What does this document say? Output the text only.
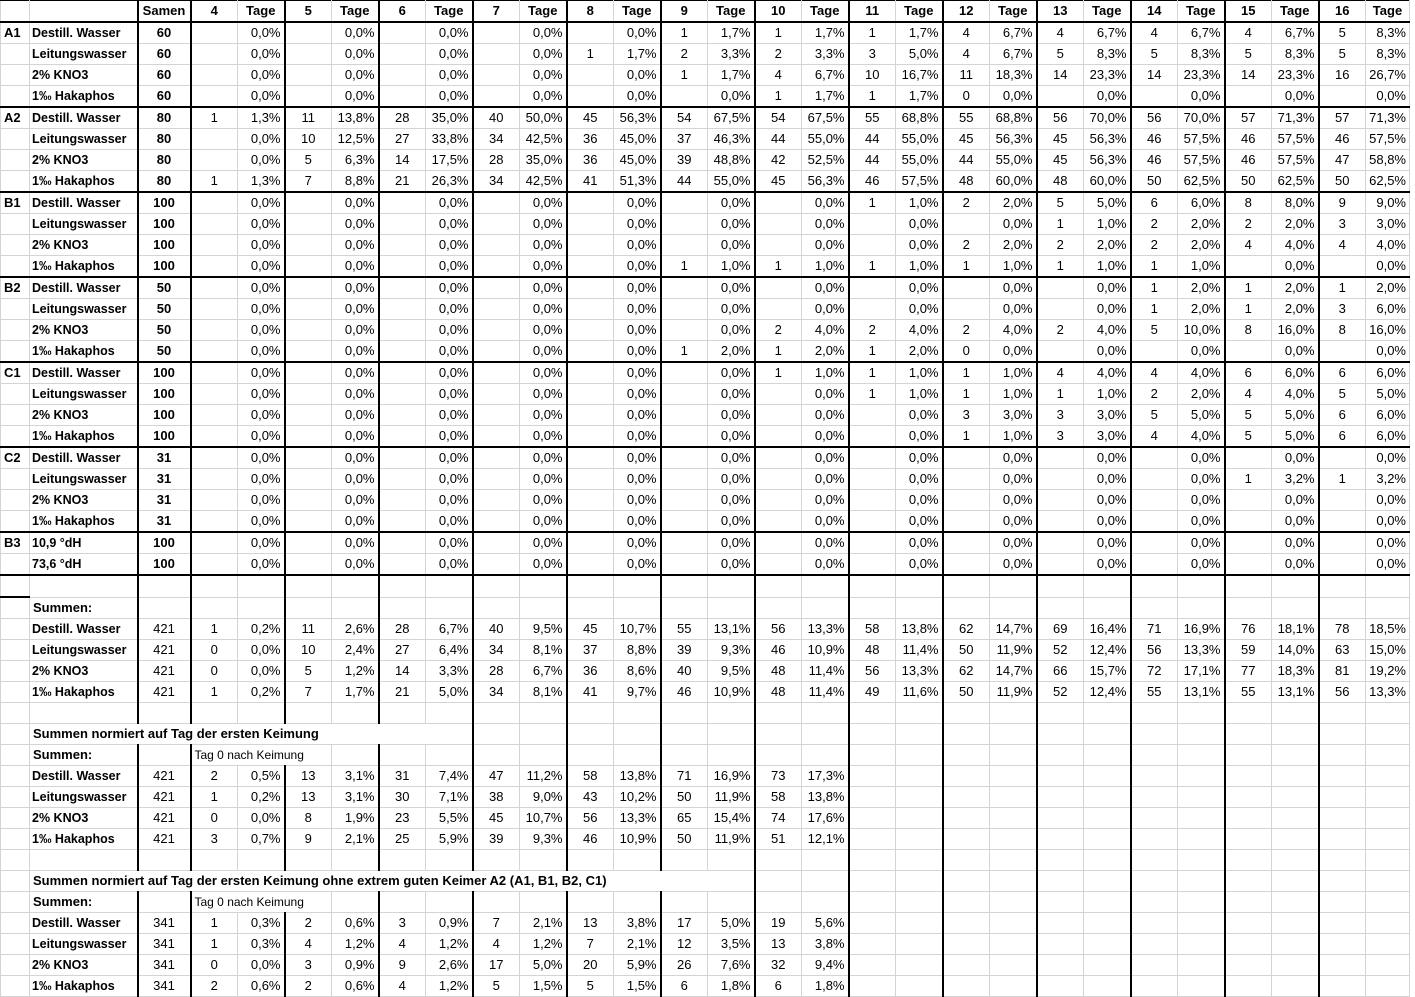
		Samen	4	Tage	5	Tage	6	Tage	7	Tage	8	Tage	9	Tage	10	Tage	11	Tage	12	Tage	13	Tage	14	Tage	15	Tage	16	Tage
A1	Destill. Wasser	60		0,0%		0,0%		0,0%		0,0%		0,0%	1	1,7%	1	1,7%	1	1,7%	4	6,7%	4	6,7%	4	6,7%	4	6,7%	5	8,3%
	Leitungswasser	60		0,0%		0,0%		0,0%		0,0%	1	1,7%	2	3,3%	2	3,3%	3	5,0%	4	6,7%	5	8,3%	5	8,3%	5	8,3%	5	8,3%
	2% KNO3	60		0,0%		0,0%		0,0%		0,0%		0,0%	1	1,7%	4	6,7%	10	16,7%	11	18,3%	14	23,3%	14	23,3%	14	23,3%	16	26,7%
	1‰ Hakaphos	60		0,0%		0,0%		0,0%		0,0%		0,0%		0,0%	1	1,7%	1	1,7%	0	0,0%		0,0%		0,0%		0,0%		0,0%
A2	Destill. Wasser	80	1	1,3%	11	13,8%	28	35,0%	40	50,0%	45	56,3%	54	67,5%	54	67,5%	55	68,8%	55	68,8%	56	70,0%	56	70,0%	57	71,3%	57	71,3%
	Leitungswasser	80		0,0%	10	12,5%	27	33,8%	34	42,5%	36	45,0%	37	46,3%	44	55,0%	44	55,0%	45	56,3%	45	56,3%	46	57,5%	46	57,5%	46	57,5%
	2% KNO3	80		0,0%	5	6,3%	14	17,5%	28	35,0%	36	45,0%	39	48,8%	42	52,5%	44	55,0%	44	55,0%	45	56,3%	46	57,5%	46	57,5%	47	58,8%
	1‰ Hakaphos	80	1	1,3%	7	8,8%	21	26,3%	34	42,5%	41	51,3%	44	55,0%	45	56,3%	46	57,5%	48	60,0%	48	60,0%	50	62,5%	50	62,5%	50	62,5%
B1	Destill. Wasser	100		0,0%		0,0%		0,0%		0,0%		0,0%		0,0%		0,0%	1	1,0%	2	2,0%	5	5,0%	6	6,0%	8	8,0%	9	9,0%
	Leitungswasser	100		0,0%		0,0%		0,0%		0,0%		0,0%		0,0%		0,0%		0,0%		0,0%	1	1,0%	2	2,0%	2	2,0%	3	3,0%
	2% KNO3	100		0,0%		0,0%		0,0%		0,0%		0,0%		0,0%		0,0%		0,0%	2	2,0%	2	2,0%	2	2,0%	4	4,0%	4	4,0%
	1‰ Hakaphos	100		0,0%		0,0%		0,0%		0,0%		0,0%	1	1,0%	1	1,0%	1	1,0%	1	1,0%	1	1,0%	1	1,0%		0,0%		0,0%
B2	Destill. Wasser	50		0,0%		0,0%		0,0%		0,0%		0,0%		0,0%		0,0%		0,0%		0,0%		0,0%	1	2,0%	1	2,0%	1	2,0%
	Leitungswasser	50		0,0%		0,0%		0,0%		0,0%		0,0%		0,0%		0,0%		0,0%		0,0%		0,0%	1	2,0%	1	2,0%	3	6,0%
	2% KNO3	50		0,0%		0,0%		0,0%		0,0%		0,0%		0,0%	2	4,0%	2	4,0%	2	4,0%	2	4,0%	5	10,0%	8	16,0%	8	16,0%
	1‰ Hakaphos	50		0,0%		0,0%		0,0%		0,0%		0,0%	1	2,0%	1	2,0%	1	2,0%	0	0,0%		0,0%		0,0%		0,0%		0,0%
C1	Destill. Wasser	100		0,0%		0,0%		0,0%		0,0%		0,0%		0,0%	1	1,0%	1	1,0%	1	1,0%	4	4,0%	4	4,0%	6	6,0%	6	6,0%
	Leitungswasser	100		0,0%		0,0%		0,0%		0,0%		0,0%		0,0%		0,0%	1	1,0%	1	1,0%	1	1,0%	2	2,0%	4	4,0%	5	5,0%
	2% KNO3	100		0,0%		0,0%		0,0%		0,0%		0,0%		0,0%		0,0%		0,0%	3	3,0%	3	3,0%	5	5,0%	5	5,0%	6	6,0%
	1‰ Hakaphos	100		0,0%		0,0%		0,0%		0,0%		0,0%		0,0%		0,0%		0,0%	1	1,0%	3	3,0%	4	4,0%	5	5,0%	6	6,0%
C2	Destill. Wasser	31		0,0%		0,0%		0,0%		0,0%		0,0%		0,0%		0,0%		0,0%		0,0%		0,0%		0,0%		0,0%		0,0%
	Leitungswasser	31		0,0%		0,0%		0,0%		0,0%		0,0%		0,0%		0,0%		0,0%		0,0%		0,0%		0,0%	1	3,2%	1	3,2%
	2% KNO3	31		0,0%		0,0%		0,0%		0,0%		0,0%		0,0%		0,0%		0,0%		0,0%		0,0%		0,0%		0,0%		0,0%
	1‰ Hakaphos	31		0,0%		0,0%		0,0%		0,0%		0,0%		0,0%		0,0%		0,0%		0,0%		0,0%		0,0%		0,0%		0,0%
B3	10,9 °dH	100		0,0%		0,0%		0,0%		0,0%		0,0%		0,0%		0,0%		0,0%		0,0%		0,0%		0,0%		0,0%		0,0%
	73,6 °dH	100		0,0%		0,0%		0,0%		0,0%		0,0%		0,0%		0,0%		0,0%		0,0%		0,0%		0,0%		0,0%		0,0%

	Summen:																											
	Destill. Wasser	421	1	0,2%	11	2,6%	28	6,7%	40	9,5%	45	10,7%	55	13,1%	56	13,3%	58	13,8%	62	14,7%	69	16,4%	71	16,9%	76	18,1%	78	18,5%
	Leitungswasser	421	0	0,0%	10	2,4%	27	6,4%	34	8,1%	37	8,8%	39	9,3%	46	10,9%	48	11,4%	50	11,9%	52	12,4%	56	13,3%	59	14,0%	63	15,0%
	2% KNO3	421	0	0,0%	5	1,2%	14	3,3%	28	6,7%	36	8,6%	40	9,5%	48	11,4%	56	13,3%	62	14,7%	66	15,7%	72	17,1%	77	18,3%	81	19,2%
	1‰ Hakaphos	421	1	0,2%	7	1,7%	21	5,0%	34	8,1%	41	9,7%	46	10,9%	48	11,4%	49	11,6%	50	11,9%	52	12,4%	55	13,1%	55	13,1%	56	13,3%

	Summen normiert auf Tag der ersten Keimung																											
	Summen:		Tag 0 nach Keimung																									
	Destill. Wasser	421	2	0,5%	13	3,1%	31	7,4%	47	11,2%	58	13,8%	71	16,9%	73	17,3%												
	Leitungswasser	421	1	0,2%	13	3,1%	30	7,1%	38	9,0%	43	10,2%	50	11,9%	58	13,8%												
	2% KNO3	421	0	0,0%	8	1,9%	23	5,5%	45	10,7%	56	13,3%	65	15,4%	74	17,6%												
	1‰ Hakaphos	421	3	0,7%	9	2,1%	25	5,9%	39	9,3%	46	10,9%	50	11,9%	51	12,1%												

	Summen normiert auf Tag der ersten Keimung ohne extrem guten Keimer A2 (A1, B1, B2, C1)																											
	Summen:		Tag 0 nach Keimung																									
	Destill. Wasser	341	1	0,3%	2	0,6%	3	0,9%	7	2,1%	13	3,8%	17	5,0%	19	5,6%												
	Leitungswasser	341	1	0,3%	4	1,2%	4	1,2%	4	1,2%	7	2,1%	12	3,5%	13	3,8%												
	2% KNO3	341	0	0,0%	3	0,9%	9	2,6%	17	5,0%	20	5,9%	26	7,6%	32	9,4%												
	1‰ Hakaphos	341	2	0,6%	2	0,6%	4	1,2%	5	1,5%	5	1,5%	6	1,8%	6	1,8%												
